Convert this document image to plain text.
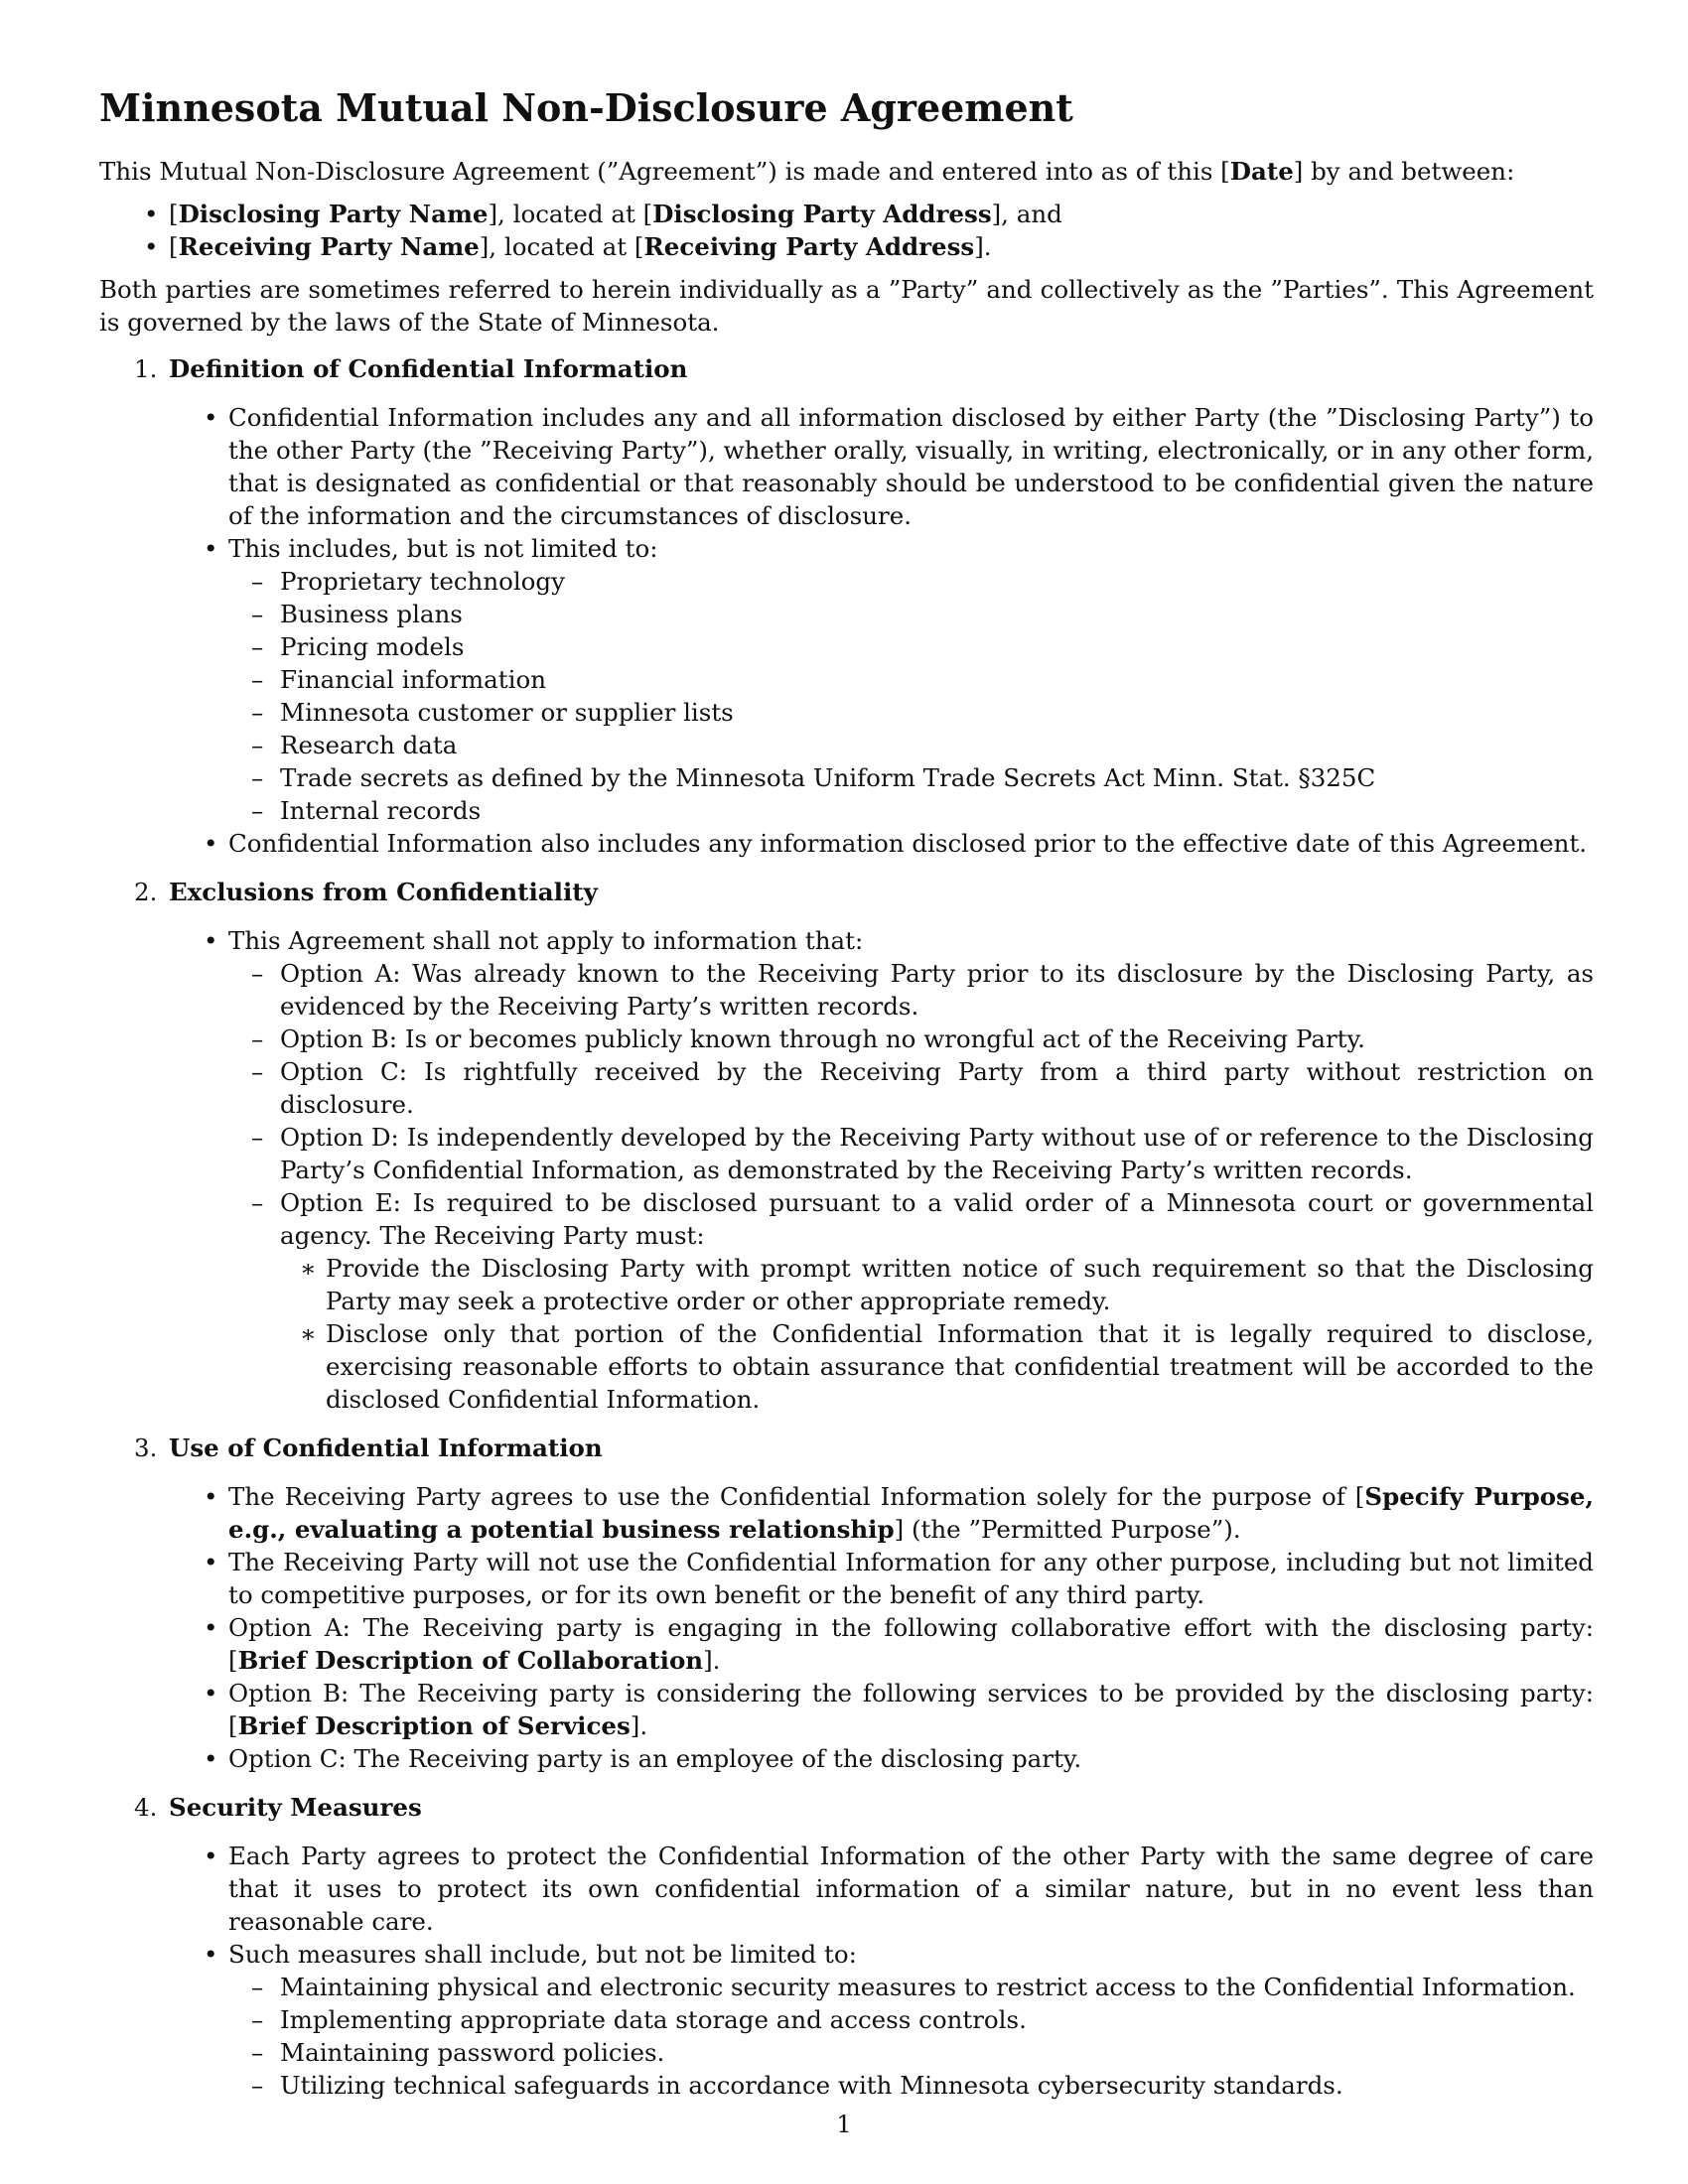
Minnesota Mutual Non-Disclosure Agreement

This Mutual Non-Disclosure Agreement (”Agreement”) is made and entered into as of this [Date] by and between:

• [Disclosing Party Name], located at [Disclosing Party Address], and
• [Receiving Party Name], located at [Receiving Party Address].

Both parties are sometimes referred to herein individually as a ”Party” and collectively as the ”Parties”. This Agreement is governed by the laws of the State of Minnesota.

1. Definition of Confidential Information
• Confidential Information includes any and all information disclosed by either Party (the ”Disclosing Party”) to the other Party (the ”Receiving Party”), whether orally, visually, in writing, electronically, or in any other form, that is designated as confidential or that reasonably should be understood to be confidential given the nature of the information and the circumstances of disclosure.
• This includes, but is not limited to:
– Proprietary technology
– Business plans
– Pricing models
– Financial information
– Minnesota customer or supplier lists
– Research data
– Trade secrets as defined by the Minnesota Uniform Trade Secrets Act Minn. Stat. §325C
– Internal records
• Confidential Information also includes any information disclosed prior to the effective date of this Agreement.
2. Exclusions from Confidentiality
• This Agreement shall not apply to information that:
– Option A: Was already known to the Receiving Party prior to its disclosure by the Disclosing Party, as evidenced by the Receiving Party’s written records.
– Option B: Is or becomes publicly known through no wrongful act of the Receiving Party.
– Option C: Is rightfully received by the Receiving Party from a third party without restriction on disclosure.
– Option D: Is independently developed by the Receiving Party without use of or reference to the Disclosing Party’s Confidential Information, as demonstrated by the Receiving Party’s written records.
– Option E: Is required to be disclosed pursuant to a valid order of a Minnesota court or governmental agency. The Receiving Party must:
∗ Provide the Disclosing Party with prompt written notice of such requirement so that the Disclosing Party may seek a protective order or other appropriate remedy.
∗ Disclose only that portion of the Confidential Information that it is legally required to disclose, exercising reasonable efforts to obtain assurance that confidential treatment will be accorded to the disclosed Confidential Information.
3. Use of Confidential Information
• The Receiving Party agrees to use the Confidential Information solely for the purpose of [Specify Purpose, e.g., evaluating a potential business relationship] (the ”Permitted Purpose”).
• The Receiving Party will not use the Confidential Information for any other purpose, including but not limited to competitive purposes, or for its own benefit or the benefit of any third party.
• Option A: The Receiving party is engaging in the following collaborative effort with the disclosing party: [Brief Description of Collaboration].
• Option B: The Receiving party is considering the following services to be provided by the disclosing party: [Brief Description of Services].
• Option C: The Receiving party is an employee of the disclosing party.
4. Security Measures
• Each Party agrees to protect the Confidential Information of the other Party with the same degree of care that it uses to protect its own confidential information of a similar nature, but in no event less than reasonable care.
• Such measures shall include, but not be limited to:
– Maintaining physical and electronic security measures to restrict access to the Confidential Information.
– Implementing appropriate data storage and access controls.
– Maintaining password policies.
– Utilizing technical safeguards in accordance with Minnesota cybersecurity standards.
1
